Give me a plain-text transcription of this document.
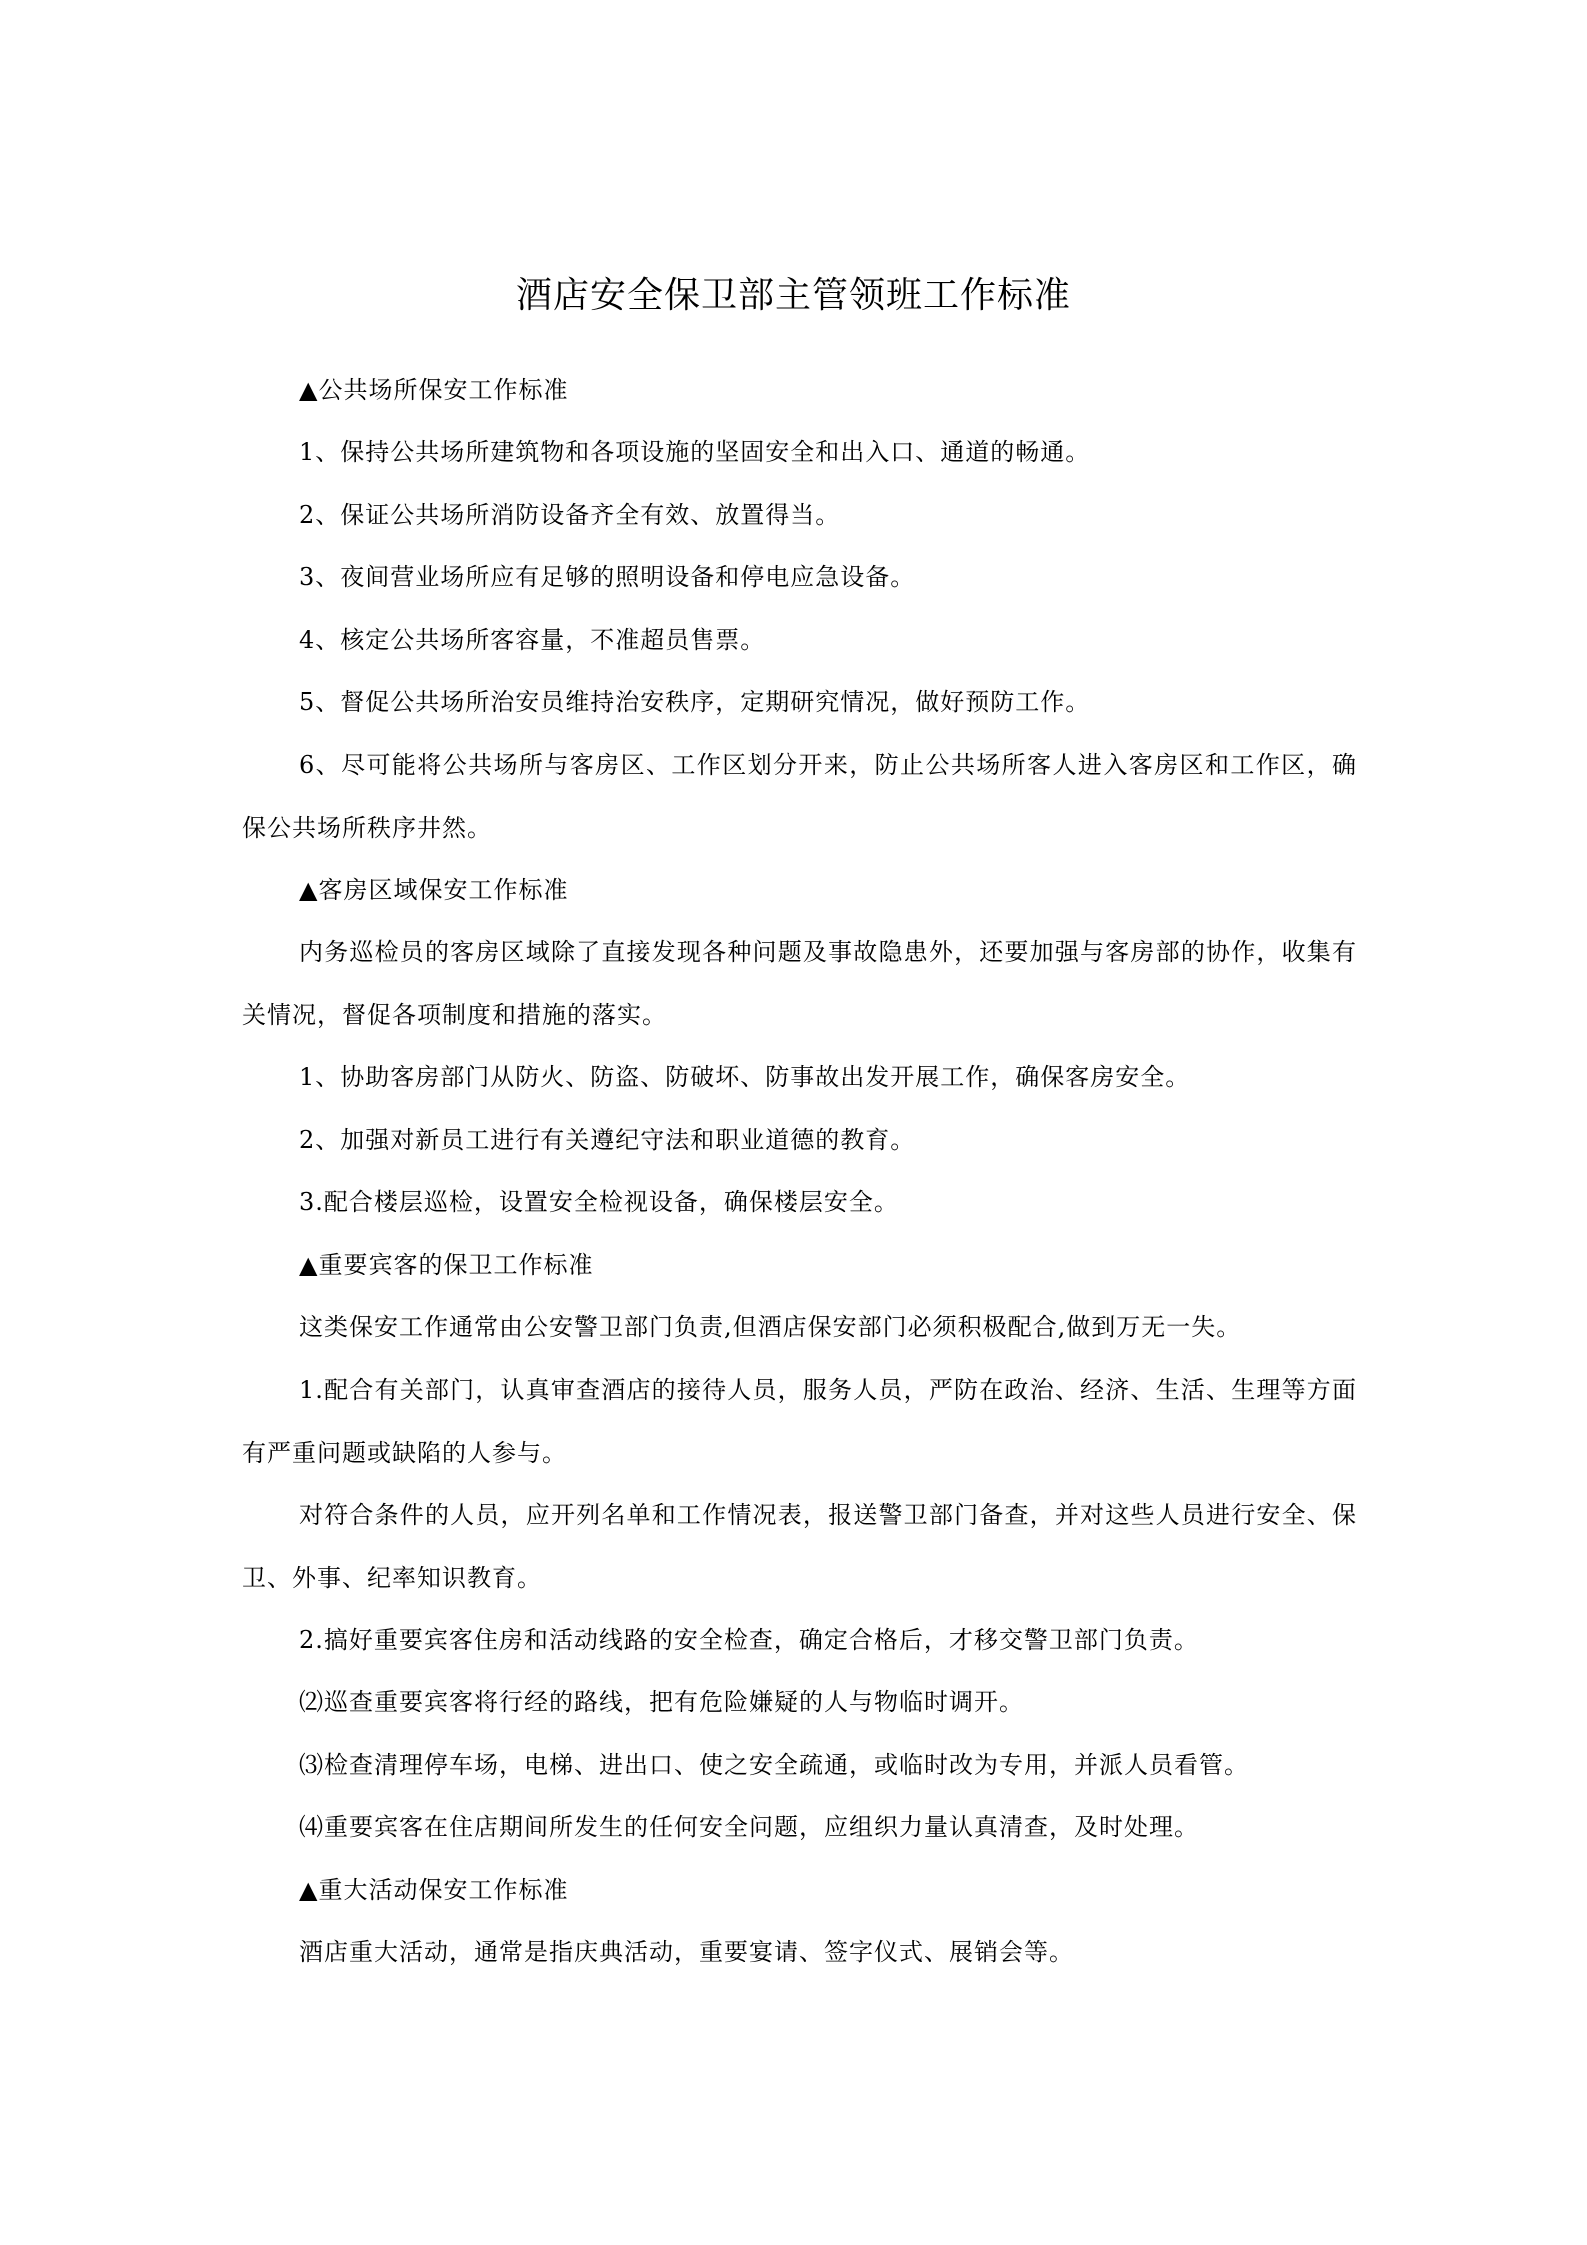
酒店安全保卫部主管领班工作标准
▲公共场所保安工作标准
1、保持公共场所建筑物和各项设施的坚固安全和出入口、通道的畅通。
2、保证公共场所消防设备齐全有效、放置得当。
3、夜间营业场所应有足够的照明设备和停电应急设备。
4、核定公共场所客容量，不准超员售票。
5、督促公共场所治安员维持治安秩序，定期研究情况，做好预防工作。
6、尽可能将公共场所与客房区、工作区划分开来，防止公共场所客人进入客房区和工作区，确保公共场所秩序井然。
▲客房区域保安工作标准
内务巡检员的客房区域除了直接发现各种问题及事故隐患外，还要加强与客房部的协作，收集有关情况，督促各项制度和措施的落实。
1、协助客房部门从防火、防盗、防破坏、防事故出发开展工作，确保客房安全。
2、加强对新员工进行有关遵纪守法和职业道德的教育。
3.配合楼层巡检，设置安全检视设备，确保楼层安全。
▲重要宾客的保卫工作标准
这类保安工作通常由公安警卫部门负责,但酒店保安部门必须积极配合,做到万无一失。
1.配合有关部门，认真审查酒店的接待人员，服务人员，严防在政治、经济、生活、生理等方面有严重问题或缺陷的人参与。
对符合条件的人员，应开列名单和工作情况表，报送警卫部门备查，并对这些人员进行安全、保卫、外事、纪率知识教育。
2.搞好重要宾客住房和活动线路的安全检查，确定合格后，才移交警卫部门负责。
⑵巡查重要宾客将行经的路线，把有危险嫌疑的人与物临时调开。
⑶检查清理停车场，电梯、进出口、使之安全疏通，或临时改为专用，并派人员看管。
⑷重要宾客在住店期间所发生的任何安全问题，应组织力量认真清查，及时处理。
▲重大活动保安工作标准
酒店重大活动，通常是指庆典活动，重要宴请、签字仪式、展销会等。
